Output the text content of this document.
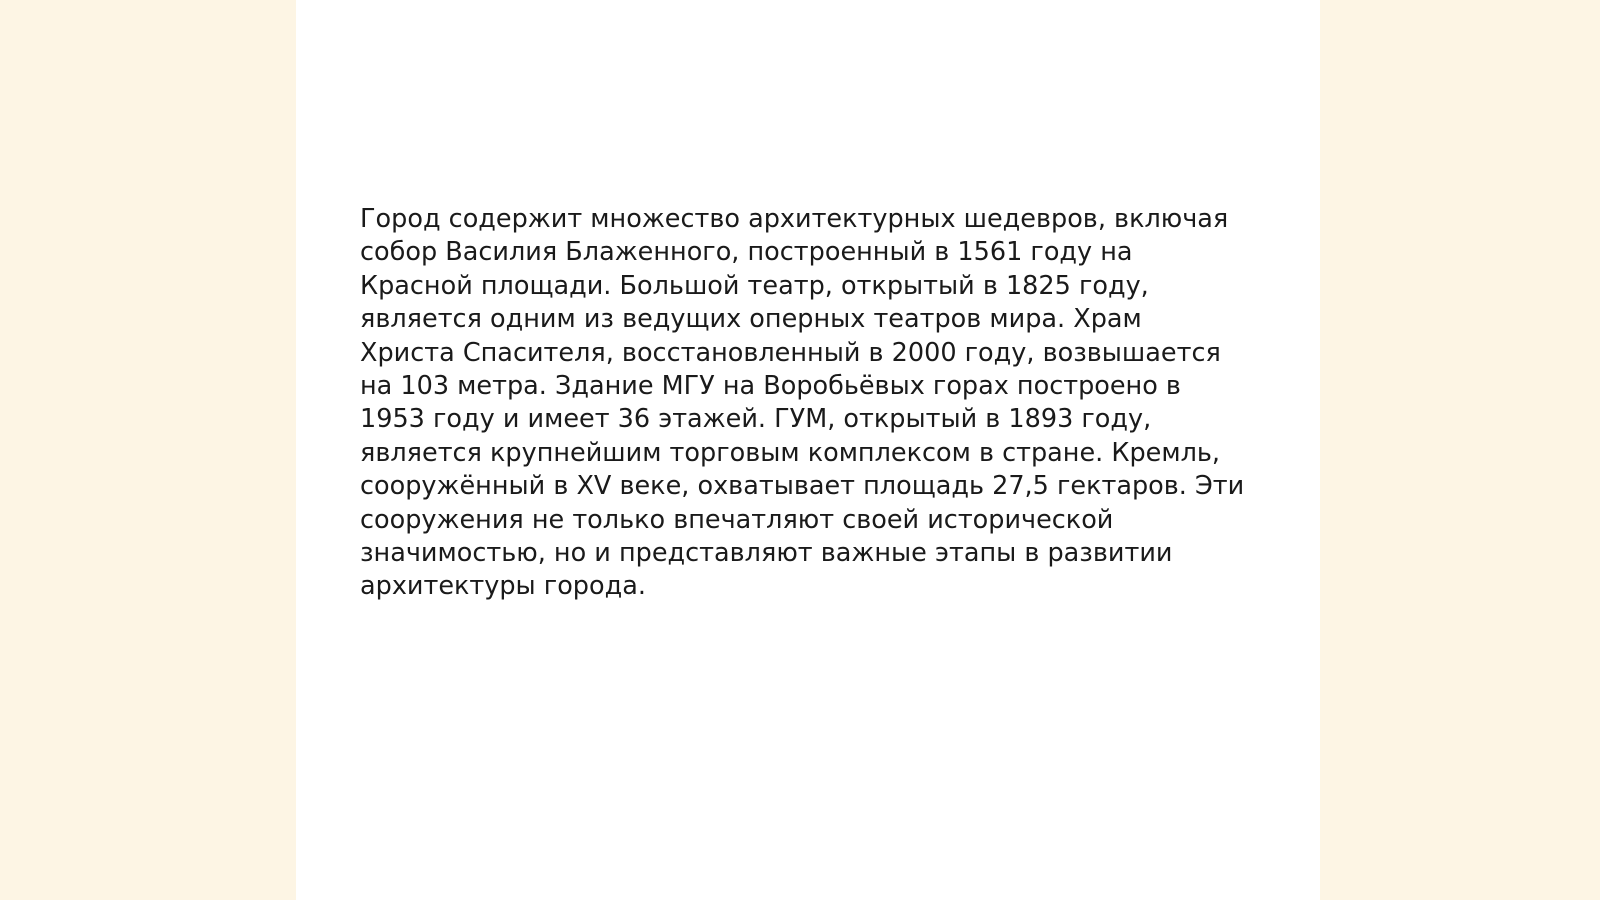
Город содержит множество архитектурных шедевров, включая
собор Василия Блаженного, построенный в 1561 году на
Красной площади. Большой театр, открытый в 1825 году,
является одним из ведущих оперных театров мира. Храм
Христа Спасителя, восстановленный в 2000 году, возвышается
на 103 метра. Здание МГУ на Воробьёвых горах построено в
1953 году и имеет 36 этажей. ГУМ, открытый в 1893 году,
является крупнейшим торговым комплексом в стране. Кремль,
сооружённый в XV веке, охватывает площадь 27,5 гектаров. Эти
сооружения не только впечатляют своей исторической
значимостью, но и представляют важные этапы в развитии
архитектуры города.
